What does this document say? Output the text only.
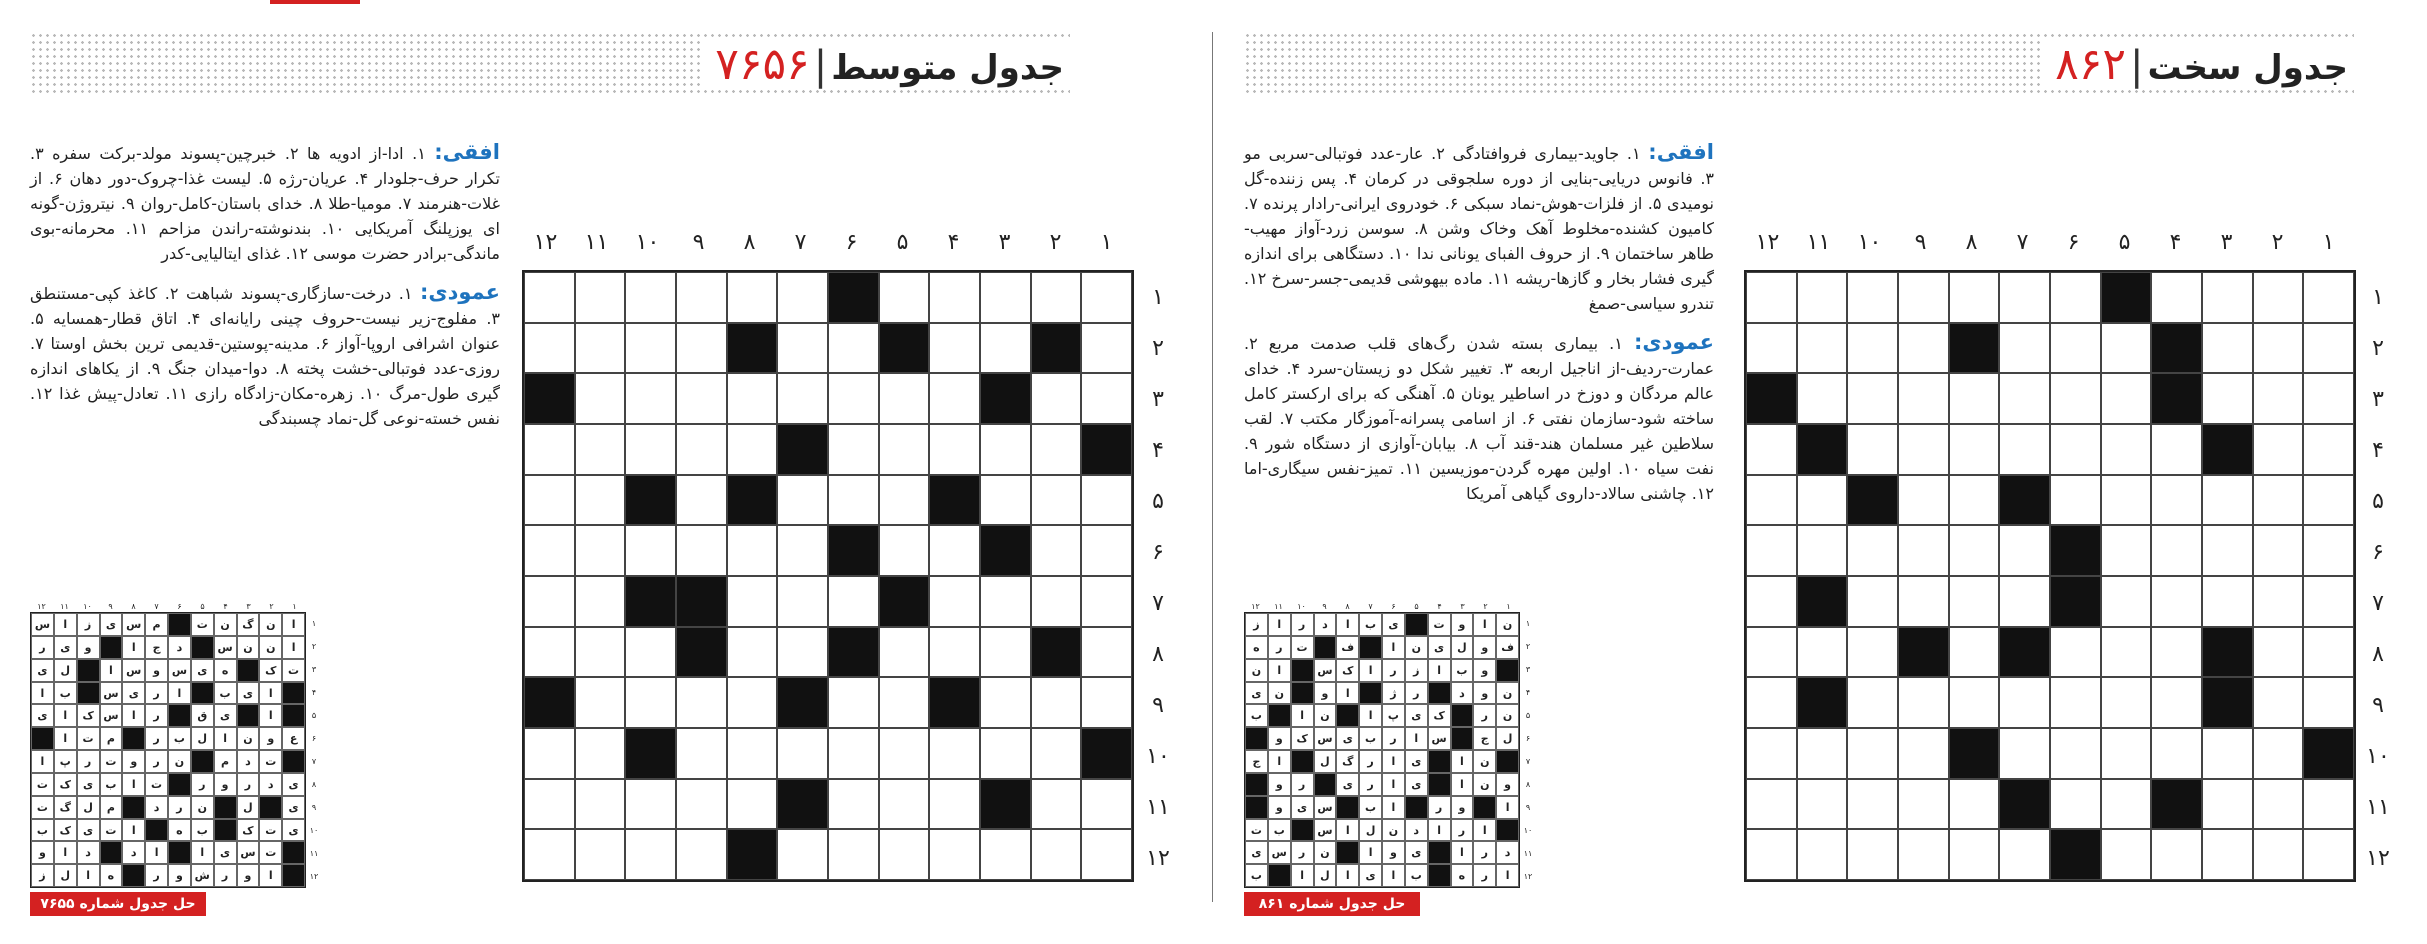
جدول متوسط|۷۶۵۶
افقی: ۱. ادا-از ادویه ها ۲. خبرچین-پسوند مولد-برکت سفره ۳. تکرار حرف-جلودار ۴. عریان-رژه ۵. لیست غذا-چروک-دور دهان ۶. از غلات-هنرمند ۷. مومیا-طلا ۸. خدای باستان-کامل-روان ۹. نیتروژن-گونه ای یوزپلنگ آمریکایی ۱۰. بندنوشته-راندن مزاحم ۱۱. محرمانه-بوی ماندگی-برادر حضرت موسی ۱۲. غذای ایتالیایی-کدر
عمودی: ۱. درخت-سازگاری-پسوند شباهت ۲. کاغذ کپی-مستنطق ۳. مفلوج-زیر نیست-حروف چینی رایانه‌ای ۴. اتاق قطار-همسایه ۵. عنوان اشرافی اروپا-آواز ۶. مدینه-پوستین-قدیمی ترین بخش اوستا ۷. روزی-عدد فوتبالی-خشت پخته ۸. دوا-میدان جنگ ۹. از یکاهای اندازه گیری طول-مرگ ۱۰. زهره-مکان-زادگاه رازی ۱۱. تعادل-پیش غذا ۱۲. نفس خسته-نوعی گل-نماد چسبندگی
۱
۲
۳
۴
۵
۶
۷
۸
۹
۱۰
۱۱
۱۲
۱
۲
۳
۴
۵
۶
۷
۸
۹
۱۰
۱۱
۱۲
۱
۲
۳
۴
۵
۶
۷
۸
۹
۱۰
۱۱
۱۲
۱
۲
۳
۴
۵
۶
۷
۸
۹
۱۰
۱۱
۱۲
ا
ن
گ
ن
ت
م
س
ی
ز
ا
س
ا
ن
ن
س
د
ج
ا
و
ی
ر
ت
ک
ه
ی
س
و
س
ا
ل
ی
ا
ی
ب
ا
ر
ی
س
ب
ا
ا
ی
ق
ر
ا
س
ک
ا
ی
ع
و
ن
ا
ل
ب
ر
م
ت
ا
ت
د
م
ن
ر
و
ت
ر
پ
ا
ی
د
ر
و
ر
ت
ا
ب
ی
ک
ت
ی
ل
ن
ر
د
م
ل
گ
ت
ی
ت
ک
ب
ه
ا
ت
ی
ک
ب
ت
س
ی
ا
ا
د
د
ا
و
ا
و
ر
ش
و
ر
ه
ا
ل
ز
حل جدول شماره ۷۶۵۵
جدول سخت|۸۶۲
افقی: ۱. جاوید-بیماری فروافتادگی ۲. عار-عدد فوتبالی-سربی مو ۳. فانوس دریایی-بنایی از دوره سلجوقی در کرمان ۴. پس زننده-گل نومیدی ۵. از فلزات-هوش-نماد سبکی ۶. خودروی ایرانی-رادار پرنده ۷. کامیون کشنده-مخلوط آهک وخاک وشن ۸. سوسن زرد-آواز مهیب-طاهر ساختمان ۹. از حروف الفبای یونانی ندا ۱۰. دستگاهی برای اندازه گیری فشار بخار و گازها-ریشه ۱۱. ماده بیهوشی قدیمی-جسر-سرخ ۱۲. تندرو سیاسی-صمغ
عمودی: ۱. بیماری بسته شدن رگ‌های قلب صدمت مربع ۲. عمارت-ردیف-از اناجیل اربعه ۳. تغییر شکل دو زیستان-سرد ۴. خدای عالم مردگان و دوزخ در اساطیر یونان ۵. آهنگی که برای ارکستر کامل ساخته شود-سازمان نفتی ۶. از اسامی پسرانه-آموزگار مکتب ۷. لقب سلاطین غیر مسلمان هند-قند آب ۸. بیابان-آوازی از دستگاه شور ۹. نفت سیاه ۱۰. اولین مهره گردن-موزیسین ۱۱. تمیز-نفس سیگاری-اما ۱۲. چاشنی سالاد-داروی گیاهی آمریکا
۱
۲
۳
۴
۵
۶
۷
۸
۹
۱۰
۱۱
۱۲
۱
۲
۳
۴
۵
۶
۷
۸
۹
۱۰
۱۱
۱۲
۱
۲
۳
۴
۵
۶
۷
۸
۹
۱۰
۱۱
۱۲
۱
۲
۳
۴
۵
۶
۷
۸
۹
۱۰
۱۱
۱۲
ن
ا
و
ت
ی
ب
ا
د
ر
ا
ز
ف
و
ل
ی
ن
ا
ف
ت
ر
ه
و
ب
ا
ز
ر
ا
ک
س
ا
ن
ن
و
د
ر
ژ
ا
و
ن
ی
ن
ر
ک
ی
پ
ا
ن
ا
ب
ل
ج
س
ا
ر
ب
ی
س
ک
و
ن
ا
ی
ا
ر
گ
ل
ا
ج
و
ن
ا
ی
ا
ر
ی
ر
و
ا
و
ر
ا
ب
س
ی
و
ا
ر
ا
د
ن
ل
ا
س
ب
ت
د
ر
ا
ی
و
ا
ن
ر
س
ی
ا
ر
ه
ب
ا
ی
ا
ل
ا
ب
حل جدول شماره ۸۶۱
